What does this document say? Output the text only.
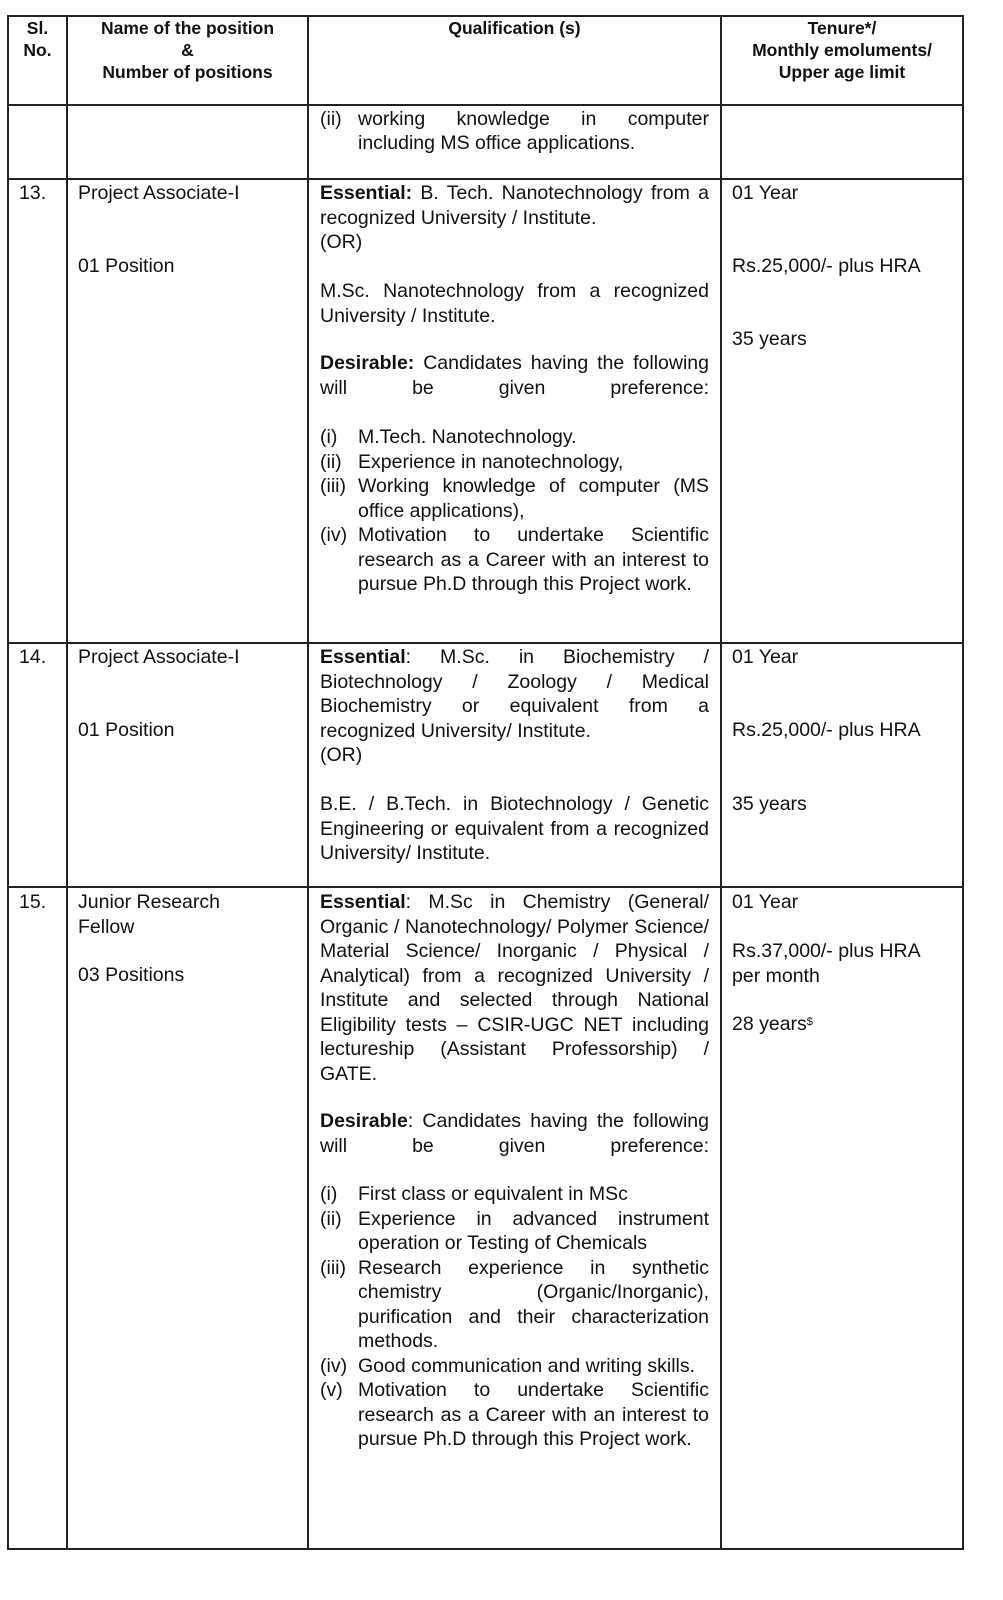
Sl.
No.
Name of the position
&
Number of positions
Qualification (s)	Tenure*/
Monthly emoluments/
Upper age limit
(ii) working knowledge in computer
including MS office applications.
13. Project Associate-I
01 Position
Essential: B. Tech. Nanotechnology from a recognized University / Institute.
(OR)
M.Sc. Nanotechnology from a recognized University / Institute.
Desirable: Candidates having the following will be given preference:
(i) M.Tech. Nanotechnology.
(ii) Experience in nanotechnology,
(iii) Working knowledge of computer (MS office applications),
(iv) Motivation to undertake Scientific research as a Career with an interest to pursue Ph.D through this Project work.
01 Year
Rs.25,000/- plus HRA
35 years
14. Project Associate-I
01 Position
Essential: M.Sc. in Biochemistry / Biotechnology / Zoology / Medical Biochemistry or equivalent from a recognized University/ Institute.
(OR)
B.E. / B.Tech. in Biotechnology / Genetic Engineering or equivalent from a recognized University/ Institute.
01 Year
Rs.25,000/- plus HRA
35 years
15. Junior Research Fellow
03 Positions
Essential: M.Sc in Chemistry (General/ Organic / Nanotechnology/ Polymer Science/ Material Science/ Inorganic / Physical / Analytical) from a recognized University / Institute and selected through National Eligibility tests – CSIR-UGC NET including lectureship (Assistant Professorship) / GATE.
Desirable: Candidates having the following will be given preference:
(i) First class or equivalent in MSc
(ii) Experience in advanced instrument operation or Testing of Chemicals
(iii) Research experience in synthetic chemistry (Organic/Inorganic), purification and their characterization methods.
(iv) Good communication and writing skills.
(v) Motivation to undertake Scientific research as a Career with an interest to pursue Ph.D through this Project work.
01 Year
Rs.37,000/- plus HRA per month
28 years$
